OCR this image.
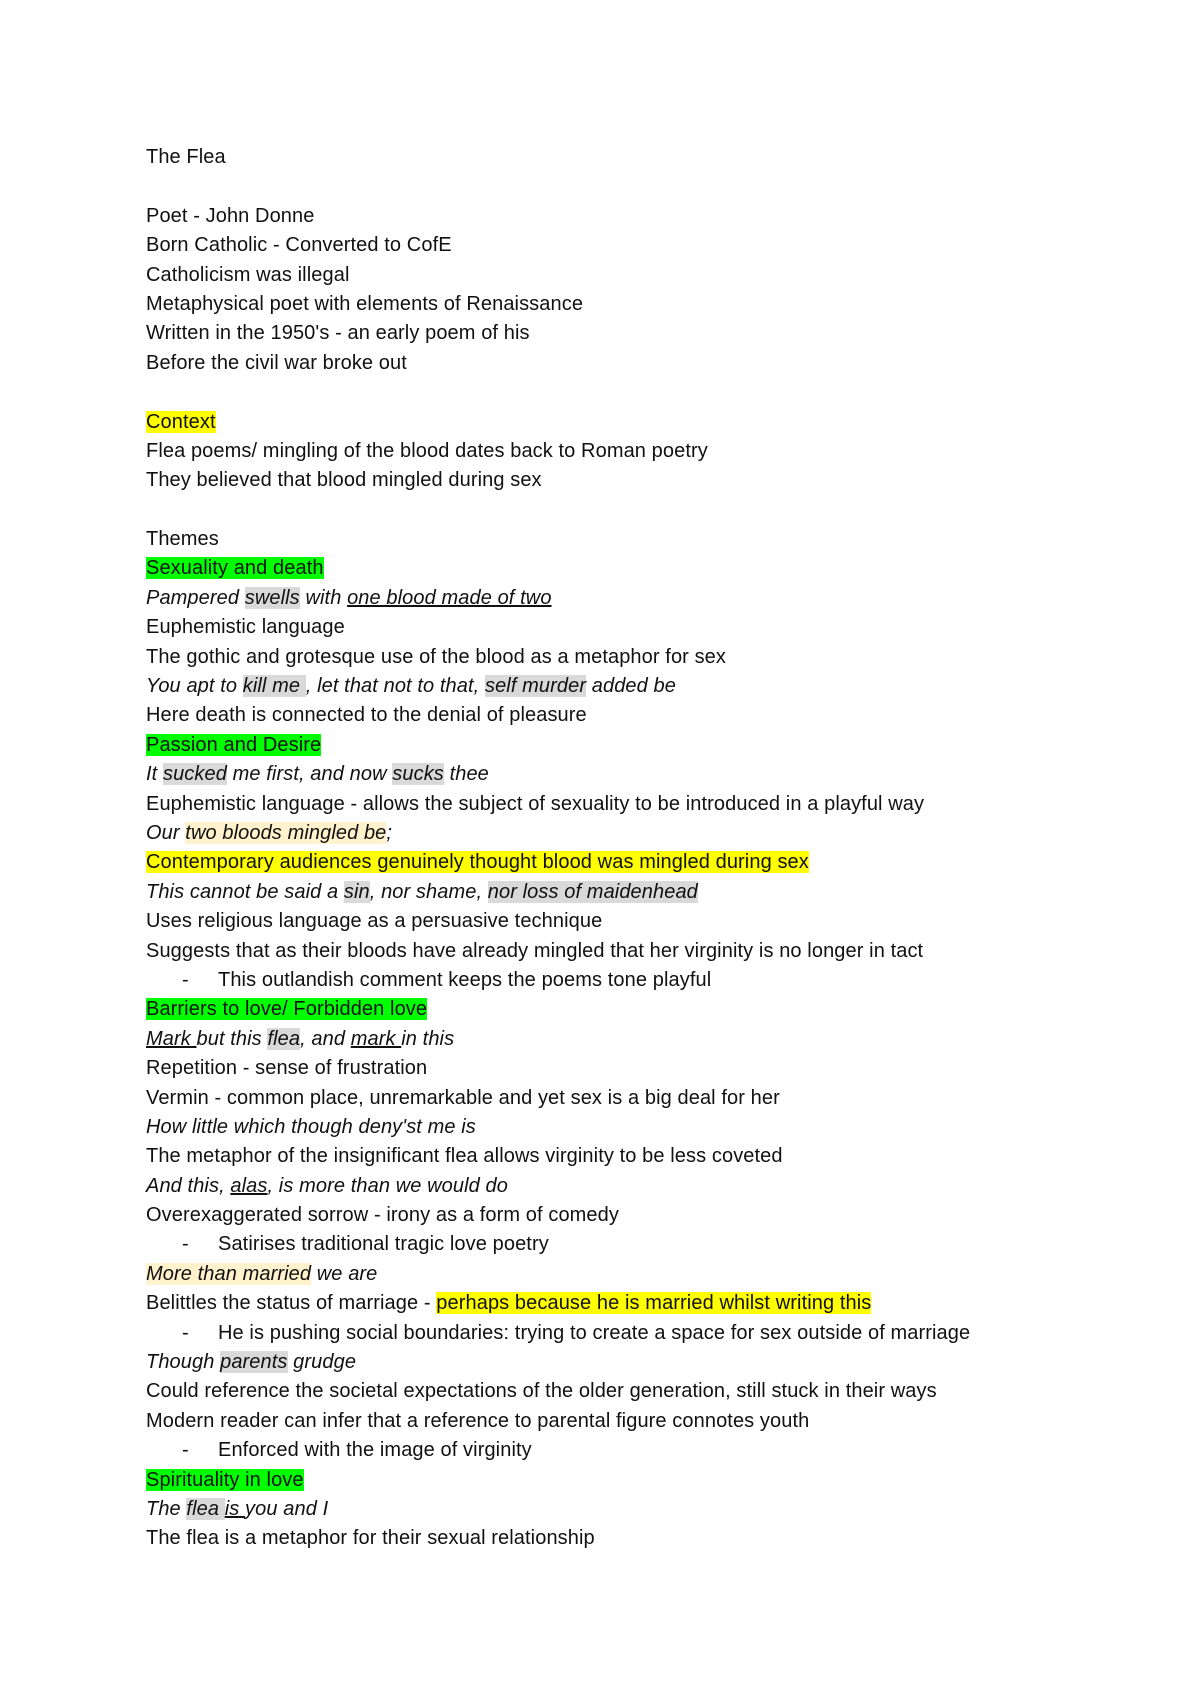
The Flea
Poet - John Donne
Born Catholic - Converted to CofE
Catholicism was illegal
Metaphysical poet with elements of Renaissance
Written in the 1950's - an early poem of his
Before the civil war broke out
Context
Flea poems/ mingling of the blood dates back to Roman poetry
They believed that blood mingled during sex
Themes
Sexuality and death
Pampered swells with one blood made of two
Euphemistic language
The gothic and grotesque use of the blood as a metaphor for sex
You apt to kill me , let that not to that, self murder added be
Here death is connected to the denial of pleasure
Passion and Desire
It sucked me first, and now sucks thee
Euphemistic language - allows the subject of sexuality to be introduced in a playful way
Our two bloods mingled be;
Contemporary audiences genuinely thought blood was mingled during sex
This cannot be said a sin, nor shame, nor loss of maidenhead
Uses religious language as a persuasive technique
Suggests that as their bloods have already mingled that her virginity is no longer in tact
- This outlandish comment keeps the poems tone playful
Barriers to love/ Forbidden love
Mark but this flea, and mark in this
Repetition - sense of frustration
Vermin - common place, unremarkable and yet sex is a big deal for her
How little which though deny'st me is
The metaphor of the insignificant flea allows virginity to be less coveted
And this, alas, is more than we would do
Overexaggerated sorrow - irony as a form of comedy
- Satirises traditional tragic love poetry
More than married we are
Belittles the status of marriage - perhaps because he is married whilst writing this
- He is pushing social boundaries: trying to create a space for sex outside of marriage
Though parents grudge
Could reference the societal expectations of the older generation, still stuck in their ways
Modern reader can infer that a reference to parental figure connotes youth
- Enforced with the image of virginity
Spirituality in love
The flea is you and I
The flea is a metaphor for their sexual relationship
